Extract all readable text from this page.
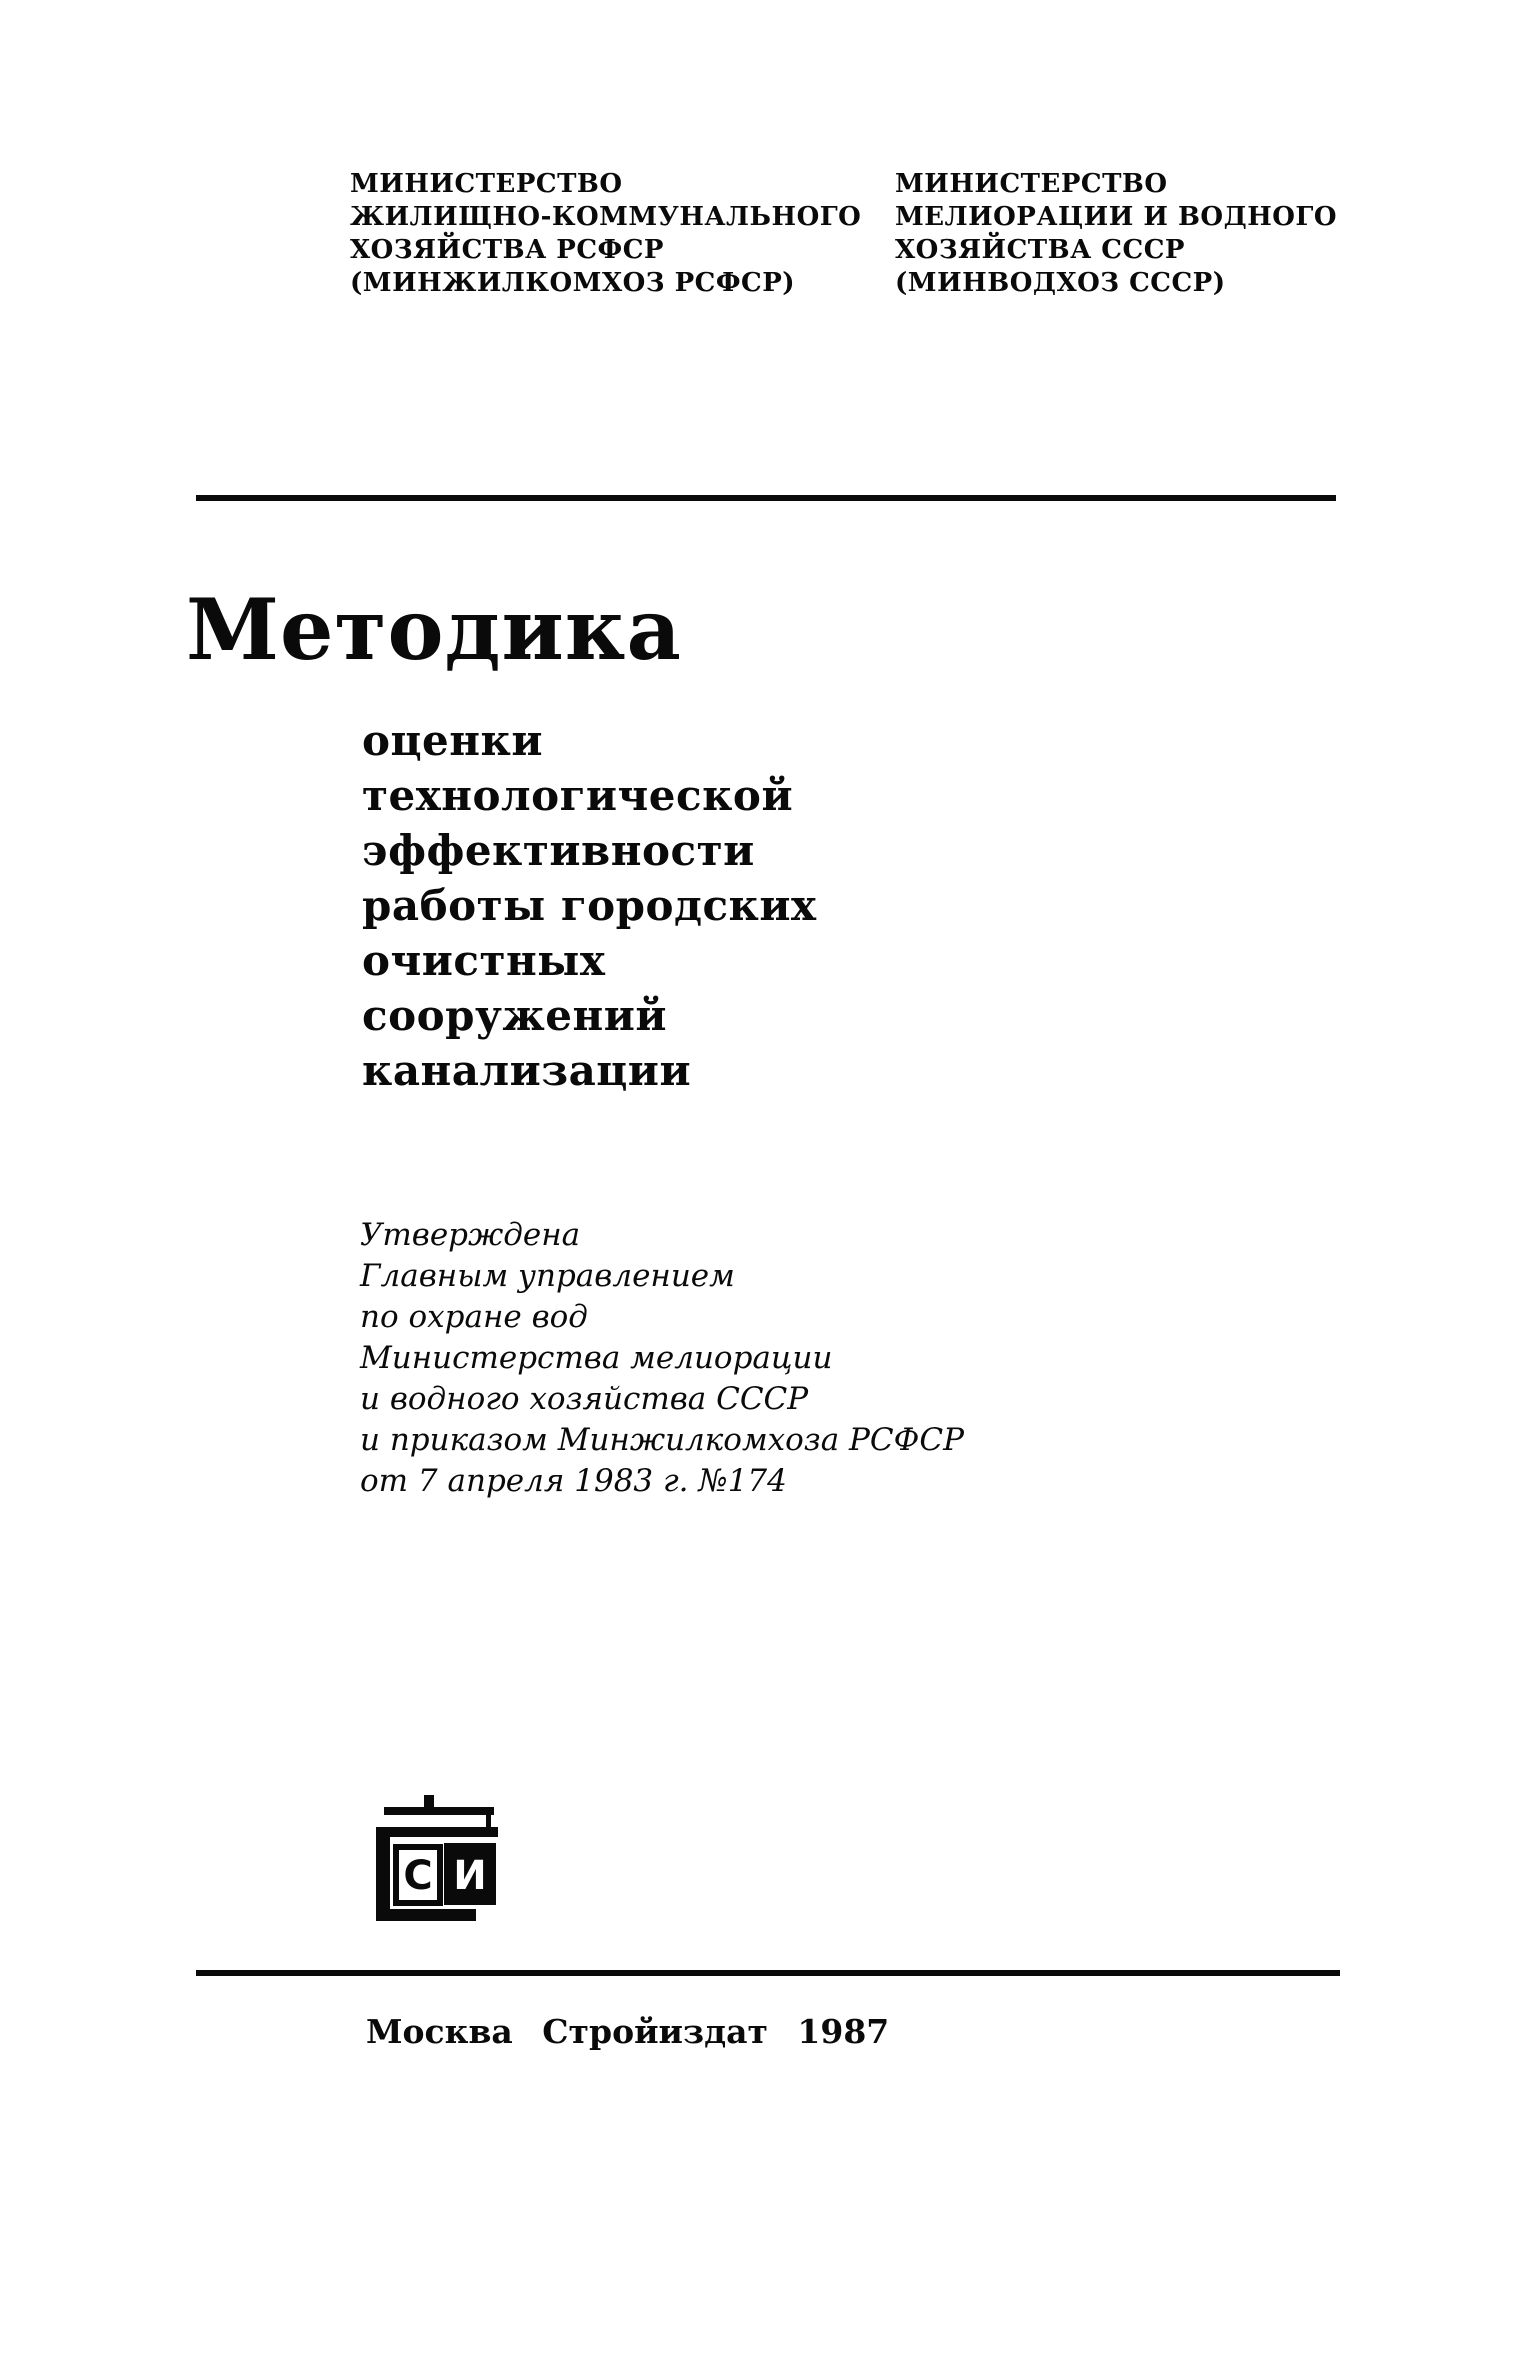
МИНИСТЕРСТВО
ЖИЛИЩНО-КОММУНАЛЬНОГО
ХОЗЯЙСТВА РСФСР
(МИНЖИЛКОМХОЗ РСФСР)
МИНИСТЕРСТВО
МЕЛИОРАЦИИ И ВОДНОГО
ХОЗЯЙСТВА СССР
(МИНВОДХОЗ СССР)
Методика
оценки
технологической
эффективности
работы городских
очистных
сооружений
канализации
Утверждена
Главным управлением
по охране вод
Министерства мелиорации
и водного хозяйства СССР
и приказом Минжилкомхоза РСФСР
от 7 апреля 1983 г. №174
С И
Москва Стройиздат 1987
